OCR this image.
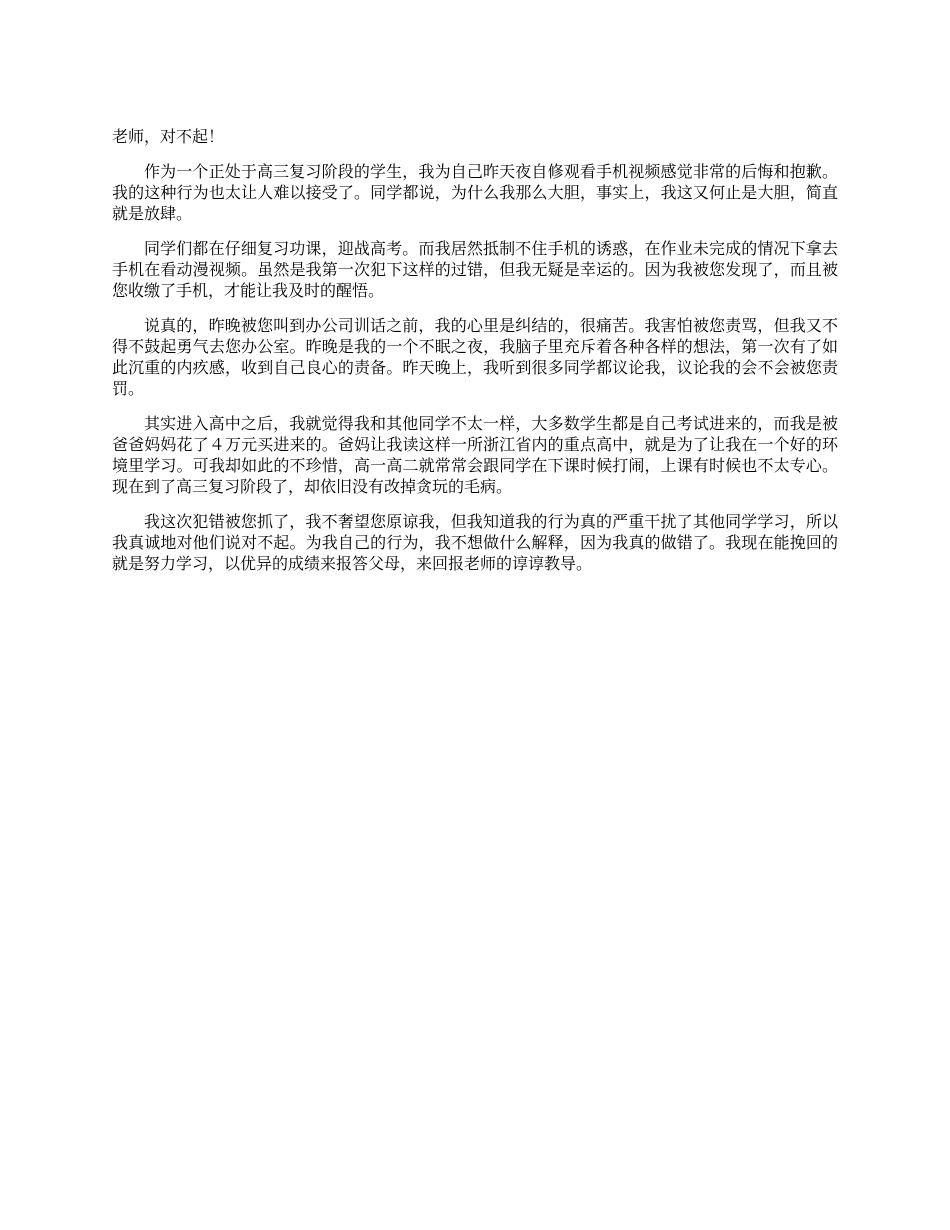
老师，对不起！

作为一个正处于高三复习阶段的学生，我为自己昨天夜自修观看手机视频感觉非常的后悔和抱歉。我的这种行为也太让人难以接受了。同学都说，为什么我那么大胆，事实上，我这又何止是大胆，简直就是放肆。

同学们都在仔细复习功课，迎战高考。而我居然抵制不住手机的诱惑，在作业未完成的情况下拿去手机在看动漫视频。虽然是我第一次犯下这样的过错，但我无疑是幸运的。因为我被您发现了，而且被您收缴了手机，才能让我及时的醒悟。

说真的，昨晚被您叫到办公司训话之前，我的心里是纠结的，很痛苦。我害怕被您责骂，但我又不得不鼓起勇气去您办公室。昨晚是我的一个不眠之夜，我脑子里充斥着各种各样的想法，第一次有了如此沉重的内疚感，收到自己良心的责备。昨天晚上，我听到很多同学都议论我，议论我的会不会被您责罚。

其实进入高中之后，我就觉得我和其他同学不太一样，大多数学生都是自己考试进来的，而我是被爸爸妈妈花了４万元买进来的。爸妈让我读这样一所浙江省内的重点高中，就是为了让我在一个好的环境里学习。可我却如此的不珍惜，高一高二就常常会跟同学在下课时候打闹，上课有时候也不太专心。现在到了高三复习阶段了，却依旧没有改掉贪玩的毛病。

我这次犯错被您抓了，我不奢望您原谅我，但我知道我的行为真的严重干扰了其他同学学习，所以我真诚地对他们说对不起。为我自己的行为，我不想做什么解释，因为我真的做错了。我现在能挽回的就是努力学习，以优异的成绩来报答父母，来回报老师的谆谆教导。
